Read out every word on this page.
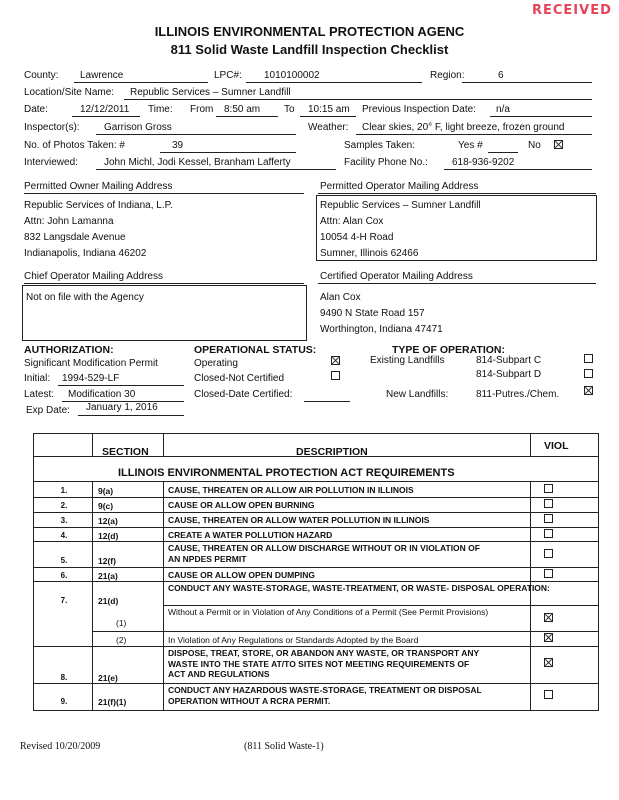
RECEIVED
ILLINOIS ENVIRONMENTAL PROTECTION AGENC
811 Solid Waste Landfill Inspection Checklist
County: Lawrence	LPC#: 1010100002	Region:	6
Location/Site Name: Republic Services – Sumner Landfill
Date:	12/12/2011 Time: From 8:50 am To 10:15 am Previous Inspection Date: n/a
Inspector(s): Garrison Gross	Weather: Clear skies, 20° F, light breeze, frozen ground
No. of Photos Taken: #	39	Samples Taken:	Yes #	No
Interviewed:	John Michl, Jodi Kessel, Branham Lafferty	Facility Phone No.: 618-936-9202
Permitted Owner Mailing Address	Permitted Operator Mailing Address
Republic Services of Indiana, L.P.
Attn: John Lamanna
832 Langsdale Avenue
Indianapolis, Indiana 46202
Republic Services – Sumner Landfill
Attn: Alan Cox
10054 4-H Road
Sumner, Illinois 62466
Chief Operator Mailing Address	Certified Operator Mailing Address
Not on file with the Agency	Alan Cox
9490 N State Road 157
Worthington, Indiana 47471
AUTHORIZATION:
Significant Modification Permit
Initial: 1994-529-LF
Latest: Modification 30
Exp Date: January 1, 2016
OPERATIONAL STATUS:
Operating
Closed-Not Certified
Closed-Date Certified:
TYPE OF OPERATION:
Existing Landfills	814-Subpart C
814-Subpart D
New Landfills:	811-Putres./Chem.
SECTION	DESCRIPTION	VIOL
ILLINOIS ENVIRONMENTAL PROTECTION ACT REQUIREMENTS
1.	9(a)	CAUSE, THREATEN OR ALLOW AIR POLLUTION IN ILLINOIS
2.	9(c)	CAUSE OR ALLOW OPEN BURNING
3.	12(a)	CAUSE, THREATEN OR ALLOW WATER POLLUTION IN ILLINOIS
4.	12(d)	CREATE A WATER POLLUTION HAZARD
5.	12(f)
CAUSE, THREATEN OR ALLOW DISCHARGE WITHOUT OR IN VIOLATION OF AN NPDES PERMIT
6.	21(a)	CAUSE OR ALLOW OPEN DUMPING
7.	21(d)
CONDUCT ANY WASTE-STORAGE, WASTE-TREATMENT, OR WASTE- DISPOSAL OPERATION:
(1)
Without a Permit or in Violation of Any Conditions of a Permit (See Permit Provisions)
(2)	In Violation of Any Regulations or Standards Adopted by the Board
8.	21(e)
DISPOSE, TREAT, STORE, OR ABANDON ANY WASTE, OR TRANSPORT ANY WASTE INTO THE STATE AT/TO SITES NOT MEETING REQUIREMENTS OF ACT AND REGULATIONS
9.	21(f)(1)
CONDUCT ANY HAZARDOUS WASTE-STORAGE, TREATMENT OR DISPOSAL OPERATION WITHOUT A RCRA PERMIT.
Revised 10/20/2009	(811 Solid Waste-1)
